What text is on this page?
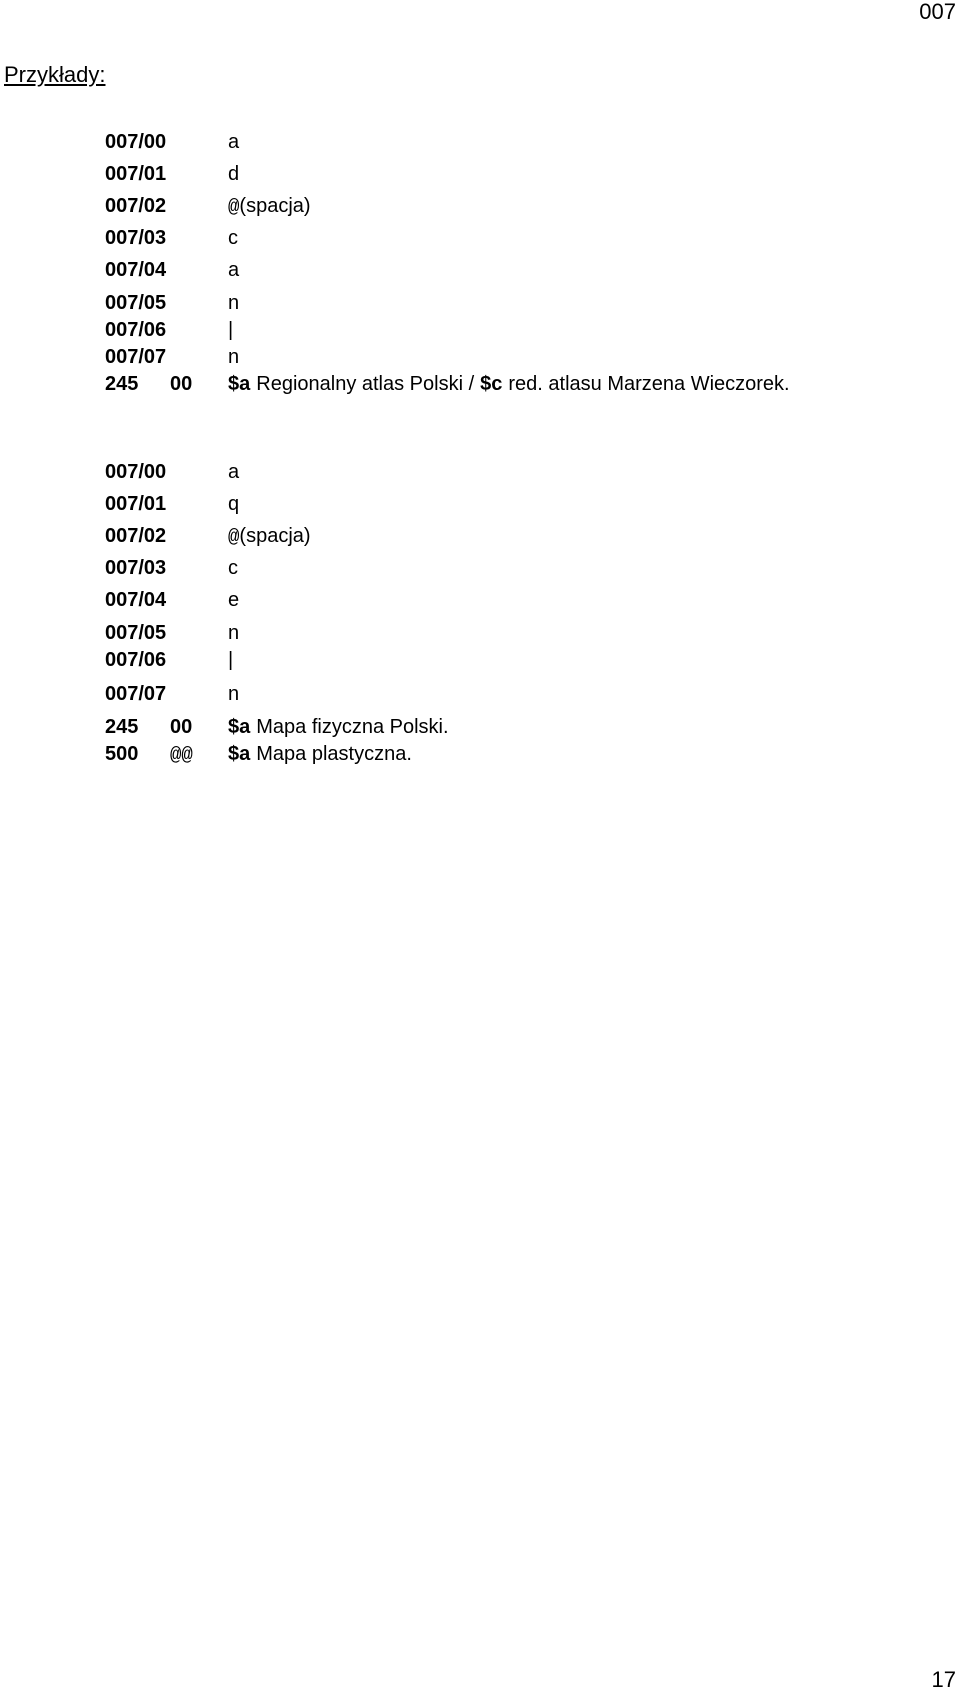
007
Przykłady:
007/00	a
007/01	d
007/02	@(spacja)
007/03	c
007/04	a
007/05	n
007/06	|
007/07	n
245	00	$a Regionalny atlas Polski / $c red. atlasu Marzena Wieczorek.
007/00	a
007/01	q
007/02	@(spacja)
007/03	c
007/04	e
007/05	n
007/06	|
007/07	n
245	00	$a Mapa fizyczna Polski.
500	@@	$a Mapa plastyczna.
17
